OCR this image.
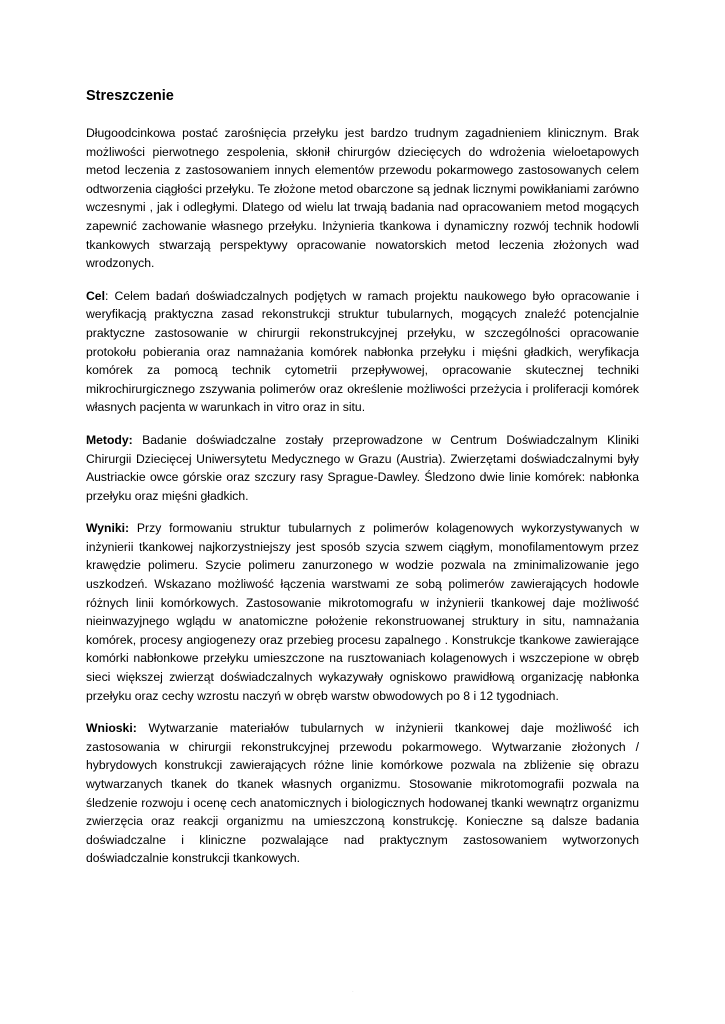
Streszczenie

Długoodcinkowa postać zarośnięcia przełyku jest bardzo trudnym zagadnieniem klinicznym. Brak możliwości pierwotnego zespolenia, skłonił chirurgów dziecięcych do wdrożenia wieloetapowych metod leczenia z zastosowaniem innych elementów przewodu pokarmowego zastosowanych celem odtworzenia ciągłości przełyku. Te złożone metod obarczone są jednak licznymi powikłaniami zarówno wczesnymi , jak i odległymi. Dlatego od wielu lat trwają badania nad opracowaniem metod mogących zapewnić zachowanie własnego przełyku. Inżynieria tkankowa i dynamiczny rozwój technik hodowli tkankowych stwarzają perspektywy opracowanie nowatorskich metod leczenia złożonych wad wrodzonych.

Cel: Celem badań doświadczalnych podjętych w ramach projektu naukowego było opracowanie i weryfikacją praktyczna zasad rekonstrukcji struktur tubularnych, mogących znaleźć potencjalnie praktyczne zastosowanie w chirurgii rekonstrukcyjnej przełyku, w szczególności opracowanie protokołu pobierania oraz namnażania komórek nabłonka przełyku i mięśni gładkich, weryfikacja komórek za pomocą technik cytometrii przepływowej, opracowanie skutecznej techniki mikrochirurgicznego zszywania polimerów oraz określenie możliwości przeżycia i proliferacji komórek własnych pacjenta w warunkach in vitro oraz in situ.

Metody: Badanie doświadczalne zostały przeprowadzone w Centrum Doświadczalnym Kliniki Chirurgii Dziecięcej Uniwersytetu Medycznego w Grazu (Austria). Zwierzętami doświadczalnymi były Austriackie owce górskie oraz szczury rasy Sprague-Dawley. Śledzono dwie linie komórek: nabłonka przełyku oraz mięśni gładkich.

Wyniki: Przy formowaniu struktur tubularnych z polimerów kolagenowych wykorzystywanych w inżynierii tkankowej najkorzystniejszy jest sposób szycia szwem ciągłym, monofilamentowym przez krawędzie polimeru. Szycie polimeru zanurzonego w wodzie pozwala na zminimalizowanie jego uszkodzeń. Wskazano możliwość łączenia warstwami ze sobą polimerów zawierających hodowle różnych linii komórkowych. Zastosowanie mikrotomografu w inżynierii tkankowej daje możliwość nieinwazyjnego wglądu w anatomiczne położenie rekonstruowanej struktury in situ, namnażania komórek, procesy angiogenezy oraz przebieg procesu zapalnego . Konstrukcje tkankowe zawierające komórki nabłonkowe przełyku umieszczone na rusztowaniach kolagenowych i wszczepione w obręb sieci większej zwierząt doświadczalnych wykazywały ogniskowo prawidłową organizację nabłonka przełyku oraz cechy wzrostu naczyń w obręb warstw obwodowych po 8 i 12 tygodniach.

Wnioski: Wytwarzanie materiałów tubularnych w inżynierii tkankowej daje możliwość ich zastosowania w chirurgii rekonstrukcyjnej przewodu pokarmowego. Wytwarzanie złożonych / hybrydowych konstrukcji zawierających różne linie komórkowe pozwala na zbliżenie się obrazu wytwarzanych tkanek do tkanek własnych organizmu. Stosowanie mikrotomografii pozwala na śledzenie rozwoju i ocenę cech anatomicznych i biologicznych hodowanej tkanki wewnątrz organizmu zwierzęcia oraz reakcji organizmu na umieszczoną konstrukcję. Konieczne są dalsze badania doświadczalne i kliniczne pozwalające nad praktycznym zastosowaniem wytworzonych doświadczalnie konstrukcji tkankowych.

.
